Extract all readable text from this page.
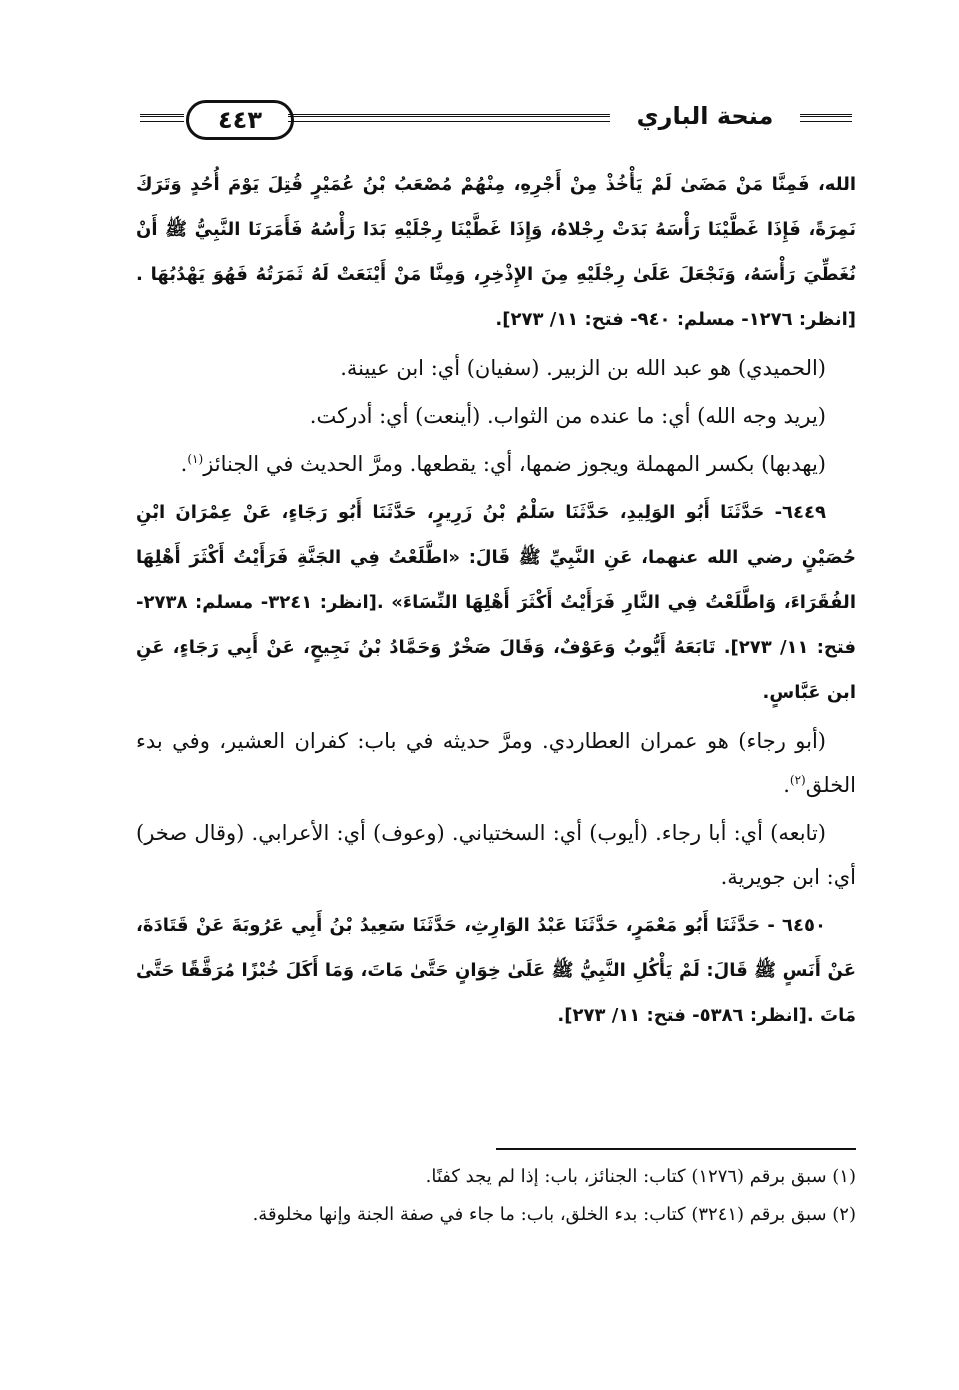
٤٤٣	منحة الباري

الله، فَمِنَّا مَنْ مَضَىٰ لَمْ يَأْخُذْ مِنْ أَجْرِهِ، مِنْهُمْ مُصْعَبُ بْنُ عُمَيْرٍ قُتِلَ يَوْمَ أُحُدٍ وَتَرَكَ نَمِرَةً، فَإِذَا غَطَّيْنَا رَأْسَهُ بَدَتْ رِجْلاهُ، وَإِذَا غَطَّيْنَا رِجْلَيْهِ بَدَا رَأْسُهُ فَأَمَرَنَا النَّبِيُّ ﷺ أَنْ نُغَطِّيَ رَأْسَهُ، وَنَجْعَلَ عَلَىٰ رِجْلَيْهِ مِنَ الإِذْخِرِ، وَمِنَّا مَنْ أَيْنَعَتْ لَهُ ثَمَرَتُهُ فَهُوَ يَهْدُبُهَا .[انظر: ١٢٧٦- مسلم: ٩٤٠- فتح: ١١/ ٢٧٣].

(الحميدي) هو عبد الله بن الزبير. (سفيان) أي: ابن عيينة.

(يريد وجه الله) أي: ما عنده من الثواب. (أينعت) أي: أدركت.

(يهدبها) بكسر المهملة ويجوز ضمها، أي: يقطعها. ومرَّ الحديث في الجنائز$^{(١)}$.

٦٤٤٩- حَدَّثَنَا أَبُو الوَلِيدِ، حَدَّثَنَا سَلْمُ بْنُ زَرِيرٍ، حَدَّثَنَا أَبُو رَجَاءٍ، عَنْ عِمْرَانَ ابْنِ حُصَيْنٍ رضي الله عنهما، عَنِ النَّبِيِّ ﷺ قَالَ: «اطَّلَعْتُ فِي الجَنَّةِ فَرَأَيْتُ أَكْثَرَ أَهْلِهَا الفُقَرَاءَ، وَاطَّلَعْتُ فِي النَّارِ فَرَأَيْتُ أَكْثَرَ أَهْلِهَا النِّسَاءَ» .[انظر: ٣٢٤١- مسلم: ٢٧٣٨- فتح: ١١/ ٢٧٣]. تَابَعَهُ أَيُّوبُ وَعَوْفٌ، وَقَالَ صَخْرٌ وَحَمَّادُ بْنُ نَجِيحٍ، عَنْ أَبِي رَجَاءٍ، عَنِ ابن عَبَّاسٍ.

(أبو رجاء) هو عمران العطاردي. ومرَّ حديثه في باب: كفران العشير، وفي بدء الخلق$^{(٢)}$.

(تابعه) أي: أبا رجاء. (أيوب) أي: السختياني. (وعوف) أي: الأعرابي. (وقال صخر) أي: ابن جويرية.

٦٤٥٠ - حَدَّثَنَا أَبُو مَعْمَرٍ، حَدَّثَنَا عَبْدُ الوَارِثِ، حَدَّثَنَا سَعِيدُ بْنُ أَبِي عَرُوبَةَ عَنْ قَتَادَةَ، عَنْ أَنَسٍ ﷺ قَالَ: لَمْ يَأْكُلِ النَّبِيُّ ﷺ عَلَىٰ خِوَانٍ حَتَّىٰ مَاتَ، وَمَا أَكَلَ خُبْزًا مُرَقَّقًا حَتَّىٰ مَاتَ .[انظر: ٥٣٨٦- فتح: ١١/ ٢٧٣].

(١) سبق برقم (١٢٧٦) كتاب: الجنائز، باب: إذا لم يجد كفنًا.

(٢) سبق برقم (٣٢٤١) كتاب: بدء الخلق، باب: ما جاء في صفة الجنة وإنها مخلوقة.
